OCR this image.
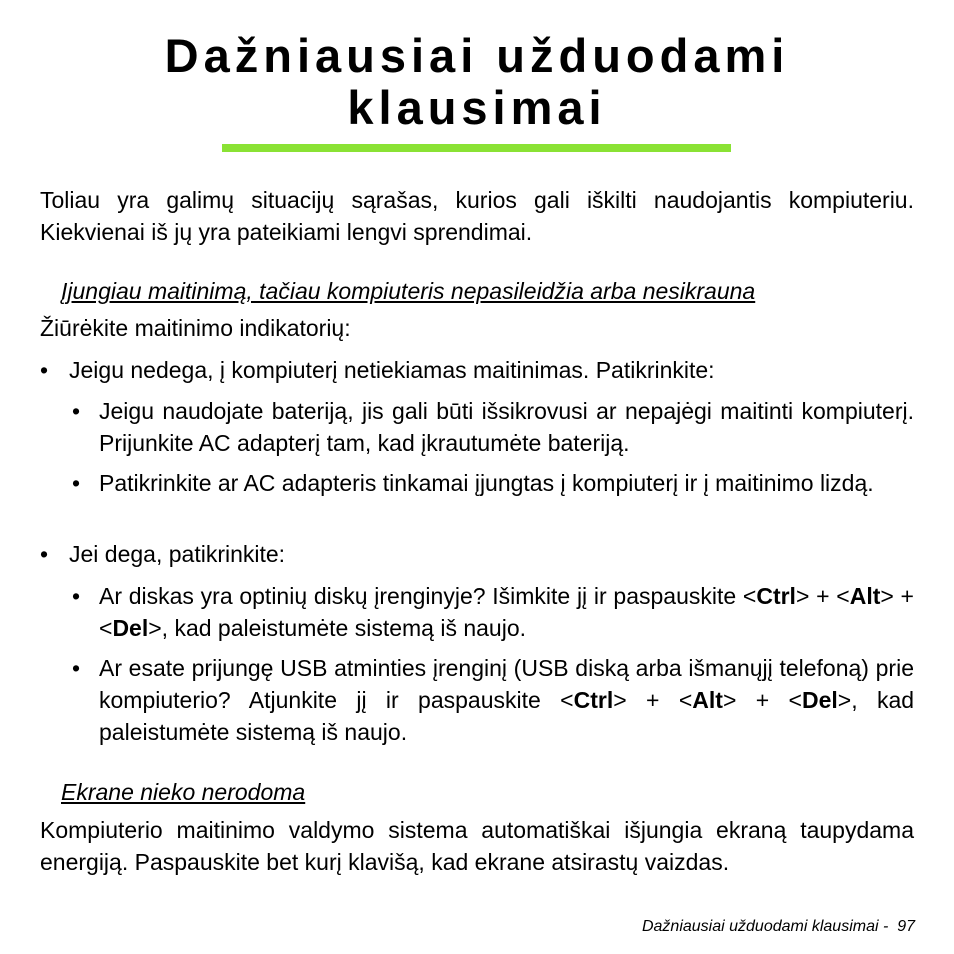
Dažniausiai užduodami
klausimai

Toliau yra galimų situacijų sąrašas, kurios gali iškilti naudojantis kompiuteriu. Kiekvienai iš jų yra pateikiami lengvi sprendimai.

Įjungiau maitinimą, tačiau kompiuteris nepasileidžia arba nesikrauna

Žiūrėkite maitinimo indikatorių:

• Jeigu nedega, į kompiuterį netiekiamas maitinimas. Patikrinkite:

• Jeigu naudojate bateriją, jis gali būti išsikrovusi ar nepajėgi maitinti kompiuterį. Prijunkite AC adapterį tam, kad įkrautumėte bateriją.

• Patikrinkite ar AC adapteris tinkamai įjungtas į kompiuterį ir į maitinimo lizdą.

• Jei dega, patikrinkite:

• Ar diskas yra optinių diskų įrenginyje? Išimkite jį ir paspauskite <Ctrl> + <Alt> + <Del>, kad paleistumėte sistemą iš naujo.

• Ar esate prijungę USB atminties įrenginį (USB diską arba išmanųjį telefoną) prie kompiuterio? Atjunkite jį ir paspauskite <Ctrl> + <Alt> + <Del>, kad paleistumėte sistemą iš naujo.

Ekrane nieko nerodoma

Kompiuterio maitinimo valdymo sistema automatiškai išjungia ekraną taupydama energiją. Paspauskite bet kurį klavišą, kad ekrane atsirastų vaizdas.

Dažniausiai užduodami klausimai - 97
